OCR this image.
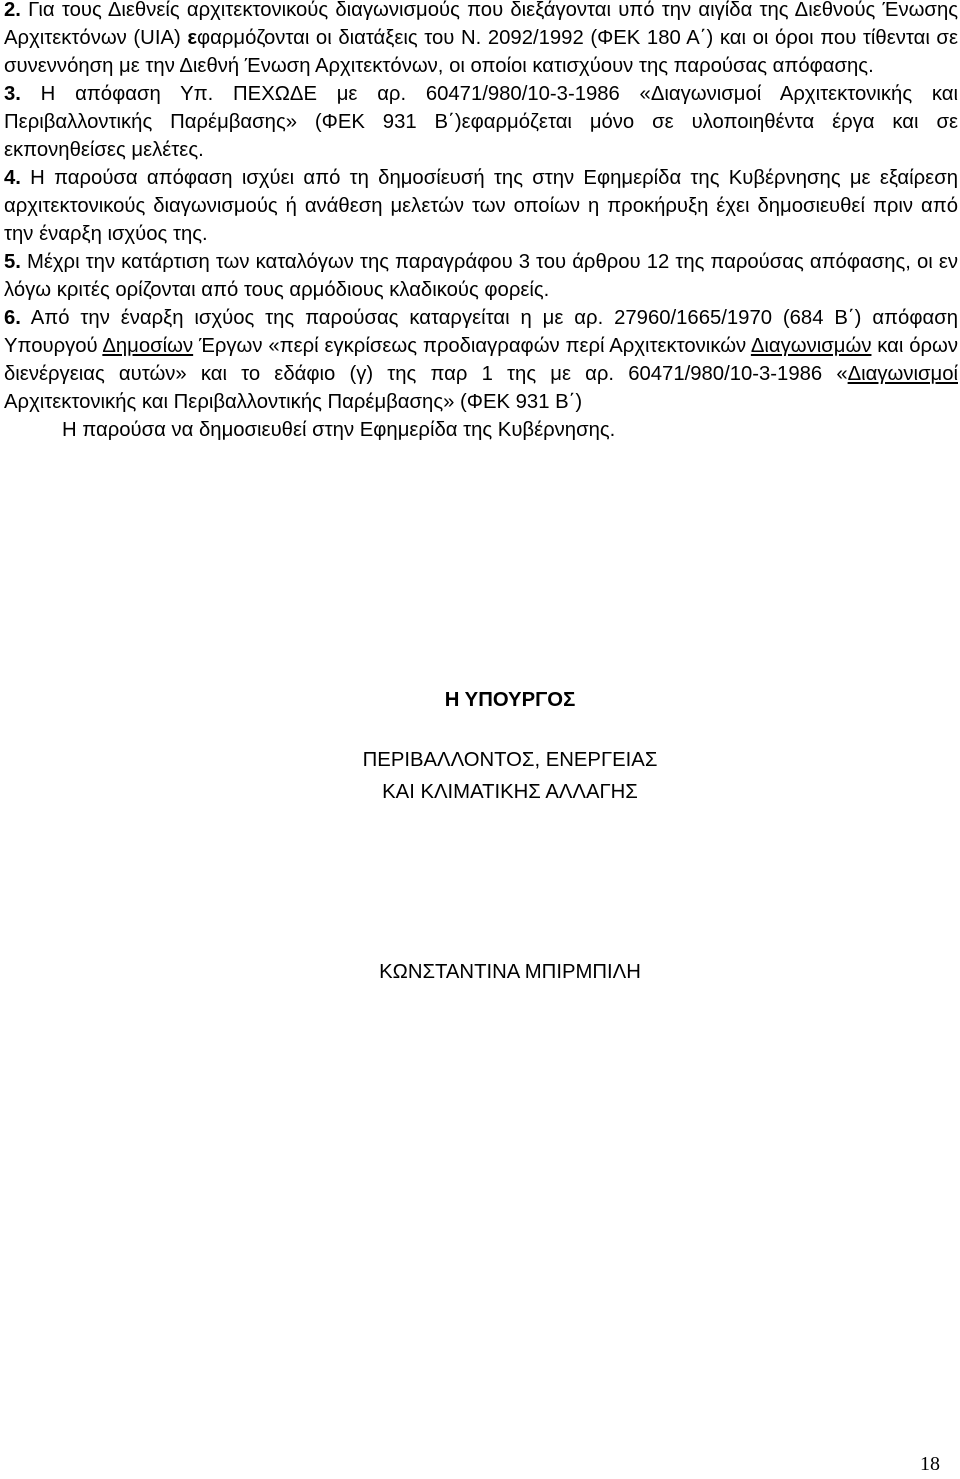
2. Για τους Διεθνείς αρχιτεκτονικούς διαγωνισμούς που διεξάγονται υπό την αιγίδα της Διεθνούς Ένωσης Αρχιτεκτόνων (UIA) εφαρμόζονται οι διατάξεις του Ν. 2092/1992 (ΦΕΚ 180 Α΄) και οι όροι που τίθενται σε συνεννόηση με την Διεθνή Ένωση Αρχιτεκτόνων, οι οποίοι κατισχύουν της παρούσας απόφασης.

3. Η απόφαση Υπ. ΠΕΧΩΔΕ με αρ. 60471/980/10-3-1986 «Διαγωνισμοί Αρχιτεκτονικής και Περιβαλλοντικής Παρέμβασης» (ΦΕΚ 931 Β΄)εφαρμόζεται μόνο σε υλοποιηθέντα έργα και σε εκπονηθείσες μελέτες.

4. Η παρούσα απόφαση ισχύει από τη δημοσίευσή της στην Εφημερίδα της Κυβέρνησης με εξαίρεση αρχιτεκτονικούς διαγωνισμούς ή ανάθεση μελετών των οποίων η προκήρυξη έχει δημοσιευθεί πριν από την έναρξη ισχύος της.

5. Μέχρι την κατάρτιση των καταλόγων της παραγράφου 3 του άρθρου 12 της παρούσας απόφασης, οι εν λόγω κριτές ορίζονται από τους αρμόδιους κλαδικούς φορείς.

6. Από την έναρξη ισχύος της παρούσας καταργείται η με αρ. 27960/1665/1970 (684 Β΄) απόφαση Υπουργού Δημοσίων Έργων «περί εγκρίσεως προδιαγραφών περί Αρχιτεκτονικών Διαγωνισμών και όρων διενέργειας αυτών» και το εδάφιο (γ) της παρ 1 της με αρ. 60471/980/10-3-1986 «Διαγωνισμοί Αρχιτεκτονικής και Περιβαλλοντικής Παρέμβασης» (ΦΕΚ 931 Β΄)

Η παρούσα να δημοσιευθεί στην Εφημερίδα της Κυβέρνησης.

Η ΥΠΟΥΡΓΟΣ
ΠΕΡΙΒΑΛΛΟΝΤΟΣ, ΕΝΕΡΓΕΙΑΣ
ΚΑΙ ΚΛΙΜΑΤΙΚΗΣ ΑΛΛΑΓΗΣ
ΚΩΝΣΤΑΝΤΙΝΑ ΜΠΙΡΜΠΙΛΗ
18
